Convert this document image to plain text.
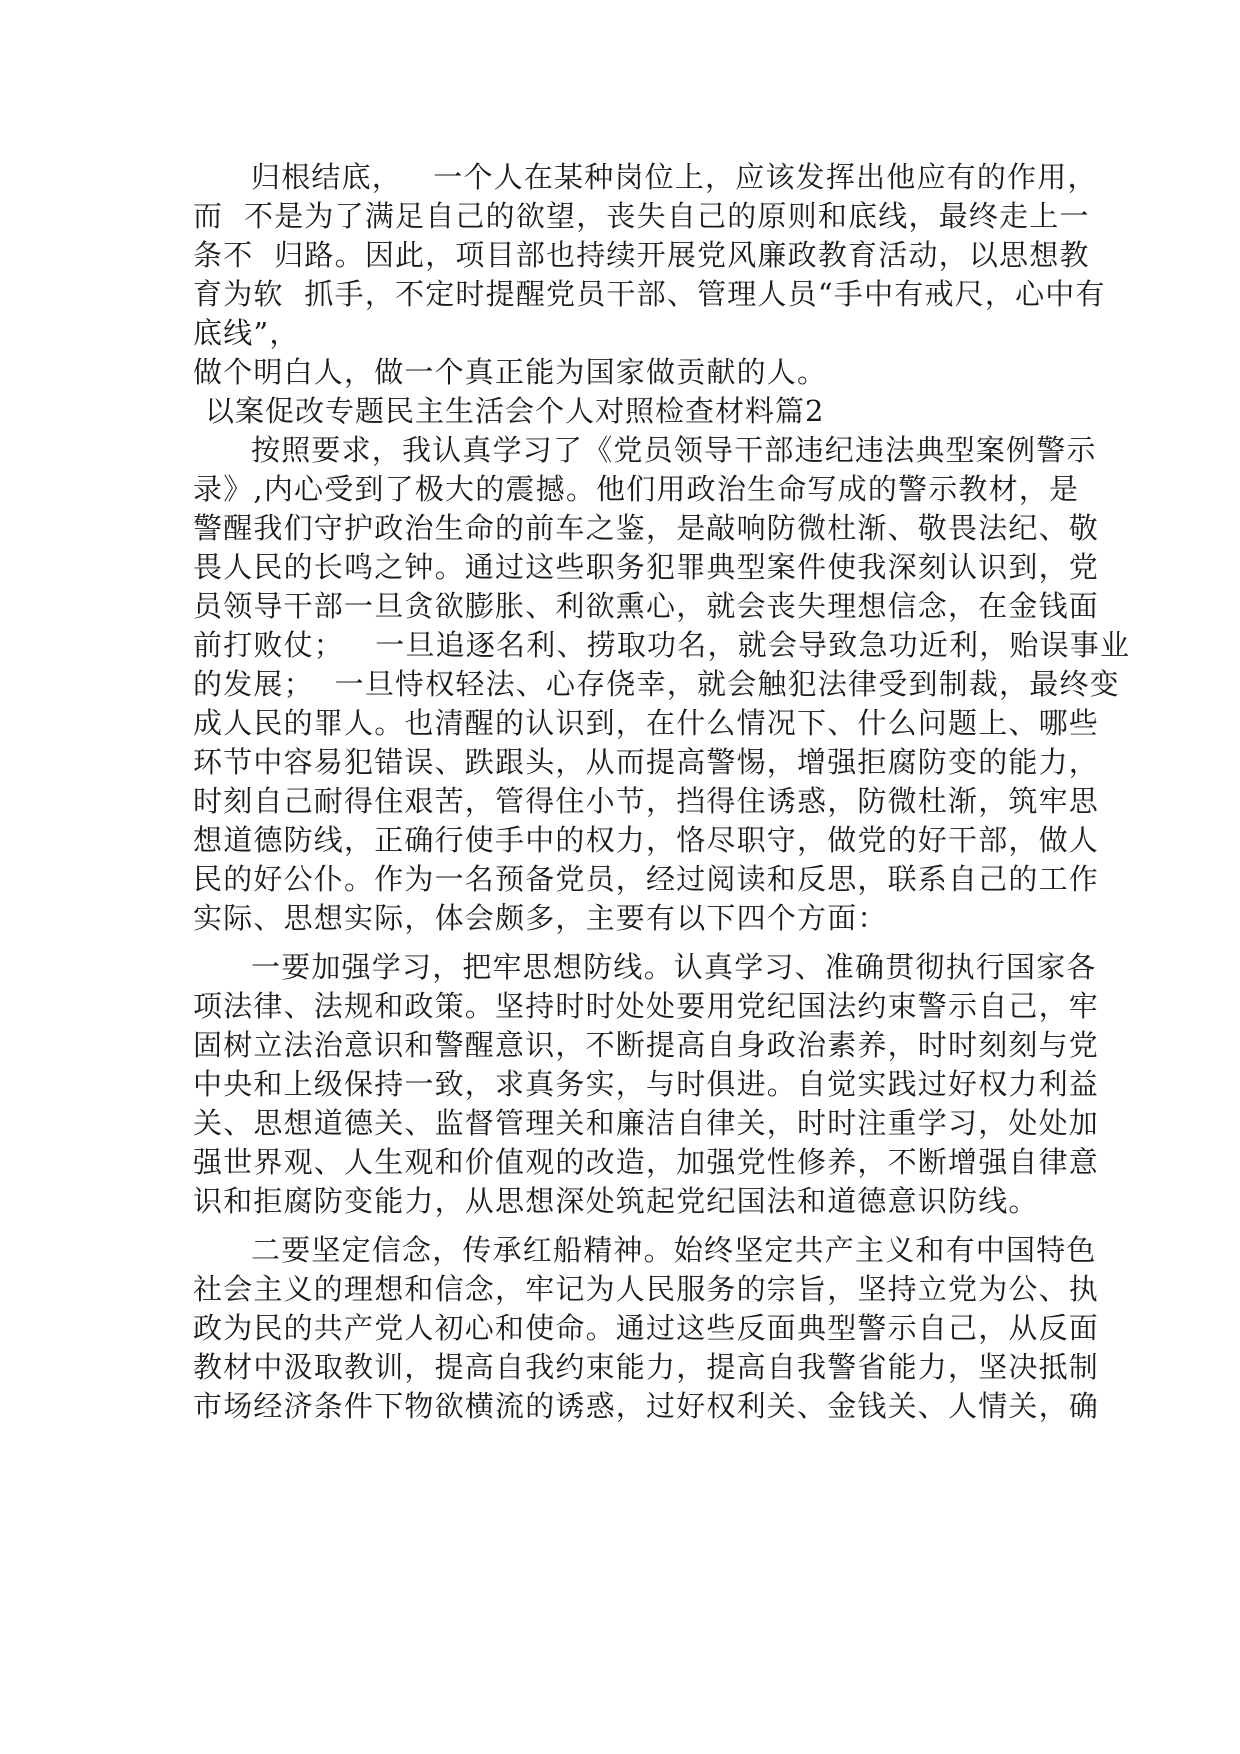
归根结底，   一个人在某种岗位上，应该发挥出他应有的作用，
而  不是为了满足自己的欲望，丧失自己的原则和底线，最终走上一
条不  归路。因此，项目部也持续开展党风廉政教育活动，以思想教
育为软  抓手，不定时提醒党员干部、管理人员“手中有戒尺，心中有
底线”，
做个明白人，做一个真正能为国家做贡献的人。
以案促改专题民主生活会个人对照检查材料篇2
按照要求，我认真学习了《党员领导干部违纪违法典型案例警示
录》,内心受到了极大的震撼。他们用政治生命写成的警示教材，是
警醒我们守护政治生命的前车之鉴，是敲响防微杜渐、敬畏法纪、敬
畏人民的长鸣之钟。通过这些职务犯罪典型案件使我深刻认识到，党
员领导干部一旦贪欲膨胀、利欲熏心，就会丧失理想信念，在金钱面
前打败仗；   一旦追逐名利、捞取功名，就会导致急功近利，贻误事业
的发展；  一旦恃权轻法、心存侥幸，就会触犯法律受到制裁，最终变
成人民的罪人。也清醒的认识到，在什么情况下、什么问题上、哪些
环节中容易犯错误、跌跟头，从而提高警惕，增强拒腐防变的能力，
时刻自己耐得住艰苦，管得住小节，挡得住诱惑，防微杜渐，筑牢思
想道德防线，正确行使手中的权力，恪尽职守，做党的好干部，做人
民的好公仆。作为一名预备党员，经过阅读和反思，联系自己的工作
实际、思想实际，体会颇多，主要有以下四个方面：
一要加强学习，把牢思想防线。认真学习、准确贯彻执行国家各
项法律、法规和政策。坚持时时处处要用党纪国法约束警示自己，牢
固树立法治意识和警醒意识，不断提高自身政治素养，时时刻刻与党
中央和上级保持一致，求真务实，与时俱进。自觉实践过好权力利益
关、思想道德关、监督管理关和廉洁自律关，时时注重学习，处处加
强世界观、人生观和价值观的改造，加强党性修养，不断增强自律意
识和拒腐防变能力，从思想深处筑起党纪国法和道德意识防线。
二要坚定信念，传承红船精神。始终坚定共产主义和有中国特色
社会主义的理想和信念，牢记为人民服务的宗旨，坚持立党为公、执
政为民的共产党人初心和使命。通过这些反面典型警示自己，从反面
教材中汲取教训，提高自我约束能力，提高自我警省能力，坚决抵制
市场经济条件下物欲横流的诱惑，过好权利关、金钱关、人情关，确
